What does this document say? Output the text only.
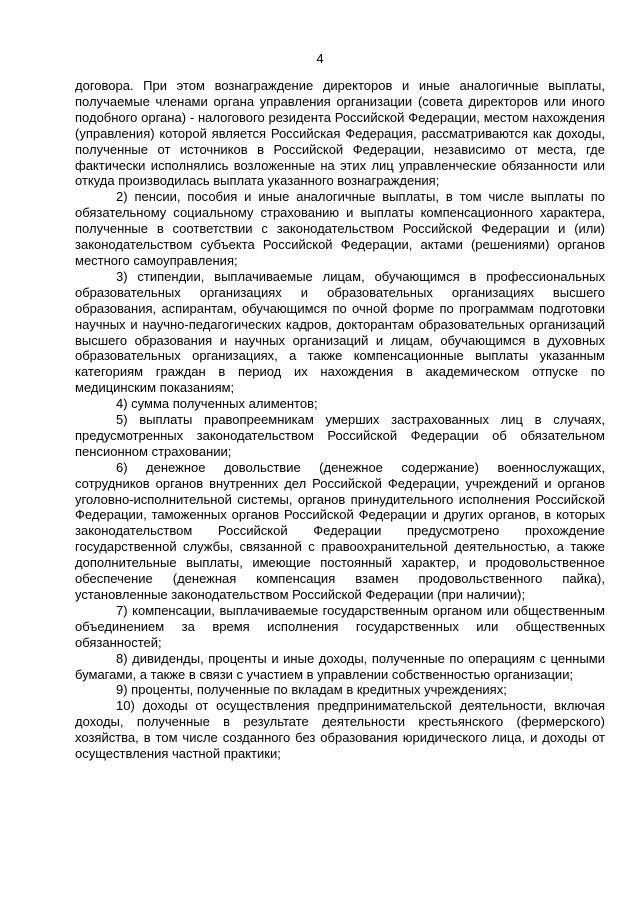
4

договора. При этом вознаграждение директоров и иные аналогичные выплаты, получаемые членами органа управления организации (совета директоров или иного подобного органа) - налогового резидента Российской Федерации, местом нахождения (управления) которой является Российская Федерация, рассматриваются как доходы, полученные от источников в Российской Федерации, независимо от места, где фактически исполнялись возложенные на этих лиц управленческие обязанности или откуда производилась выплата указанного вознаграждения;

2) пенсии, пособия и иные аналогичные выплаты, в том числе выплаты по обязательному социальному страхованию и выплаты компенсационного характера, полученные в соответствии с законодательством Российской Федерации и (или) законодательством субъекта Российской Федерации, актами (решениями) органов местного самоуправления;

3) стипендии, выплачиваемые лицам, обучающимся в профессиональных образовательных организациях и образовательных организациях высшего образования, аспирантам, обучающимся по очной форме по программам подготовки научных и научно-педагогических кадров, докторантам образовательных организаций высшего образования и научных организаций и лицам, обучающимся в духовных образовательных организациях, а также компенсационные выплаты указанным категориям граждан в период их нахождения в академическом отпуске по медицинским показаниям;

4) сумма полученных алиментов;

5) выплаты правопреемникам умерших застрахованных лиц в случаях, предусмотренных законодательством Российской Федерации об обязательном пенсионном страховании;

6) денежное довольствие (денежное содержание) военнослужащих, сотрудников органов внутренних дел Российской Федерации, учреждений и органов уголовно-исполнительной системы, органов принудительного исполнения Российской Федерации, таможенных органов Российской Федерации и других органов, в которых законодательством Российской Федерации предусмотрено прохождение государственной службы, связанной с правоохранительной деятельностью, а также дополнительные выплаты, имеющие постоянный характер, и продовольственное обеспечение (денежная компенсация взамен продовольственного пайка), установленные законодательством Российской Федерации (при наличии);

7) компенсации, выплачиваемые государственным органом или общественным объединением за время исполнения государственных или общественных обязанностей;

8) дивиденды, проценты и иные доходы, полученные по операциям с ценными бумагами, а также в связи с участием в управлении собственностью организации;

9) проценты, полученные по вкладам в кредитных учреждениях;

10) доходы от осуществления предпринимательской деятельности, включая доходы, полученные в результате деятельности крестьянского (фермерского) хозяйства, в том числе созданного без образования юридического лица, и доходы от осуществления частной практики;
